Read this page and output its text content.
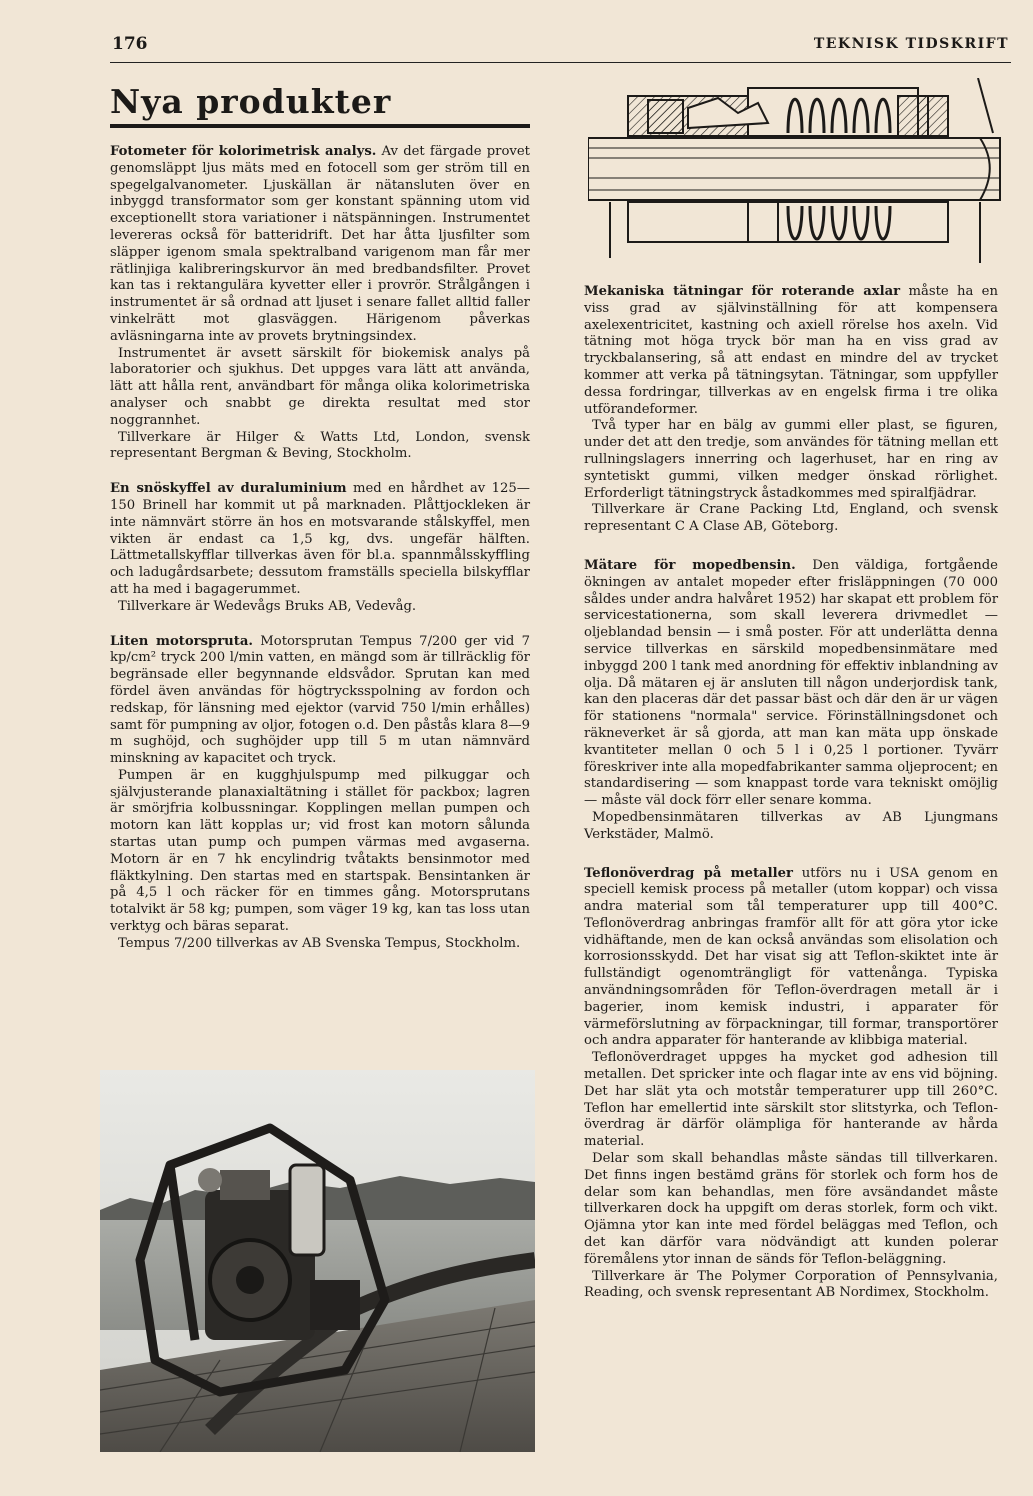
176	TEKNISK TIDSKRIFT
Nya produkter

Fotometer för kolorimetrisk analys. Av det färgade provet genomsläppt ljus mäts med en fotocell som ger ström till en spegelgalvanometer. Ljuskällan är nätansluten över en inbyggd transformator som ger konstant spänning utom vid exceptionellt stora variationer i nätspänningen. Instrumentet levereras också för batteridrift. Det har åtta ljusfilter som släpper igenom smala spektralband varigenom man får mer rätlinjiga kalibreringskurvor än med bredbandsfilter. Provet kan tas i rektangulära kyvetter eller i provrör. Strålgången i instrumentet är så ordnad att ljuset i senare fallet alltid faller vinkelrätt mot glasväggen. Härigenom påverkas avläsningarna inte av provets brytningsindex.

Instrumentet är avsett särskilt för biokemisk analys på laboratorier och sjukhus. Det uppges vara lätt att använda, lätt att hålla rent, användbart för många olika kolorimetriska analyser och snabbt ge direkta resultat med stor noggrannhet.

Tillverkare är Hilger & Watts Ltd, London, svensk representant Bergman & Beving, Stockholm.

En snöskyffel av duraluminium med en hårdhet av 125—150 Brinell har kommit ut på marknaden. Plåttjockleken är inte nämnvärt större än hos en motsvarande stålskyffel, men vikten är endast ca 1,5 kg, dvs. ungefär hälften. Lättmetallskyfflar tillverkas även för bl.a. spannmålsskyffling och ladugårdsarbete; dessutom framställs speciella bilskyfflar att ha med i bagagerummet.

Tillverkare är Wedevågs Bruks AB, Vedevåg.

Liten motorspruta. Motorsprutan Tempus 7/200 ger vid 7 kp/cm² tryck 200 l/min vatten, en mängd som är tillräcklig för begränsade eller begynnande eldsvådor. Sprutan kan med fördel även användas för högtrycksspolning av fordon och redskap, för länsning med ejektor (varvid 750 l/min erhålles) samt för pumpning av oljor, fotogen o.d. Den påstås klara 8—9 m sughöjd, och sughöjder upp till 5 m utan nämnvärd minskning av kapacitet och tryck.

Pumpen är en kugghjulspump med pilkuggar och självjusterande planaxialtätning i stället för packbox; lagren är smörjfria kolbussningar. Kopplingen mellan pumpen och motorn kan lätt kopplas ur; vid frost kan motorn sålunda startas utan pump och pumpen värmas med avgaserna. Motorn är en 7 hk encylindrig tvåtakts bensinmotor med fläktkylning. Den startas med en startspak. Bensintanken är på 4,5 l och räcker för en timmes gång. Motorsprutans totalvikt är 58 kg; pumpen, som väger 19 kg, kan tas loss utan verktyg och bäras separat.

Tempus 7/200 tillverkas av AB Svenska Tempus, Stockholm.

Mekaniska tätningar för roterande axlar måste ha en viss grad av självinställning för att kompensera axelexentricitet, kastning och axiell rörelse hos axeln. Vid tätning mot höga tryck bör man ha en viss grad av tryckbalansering, så att endast en mindre del av trycket kommer att verka på tätningsytan. Tätningar, som uppfyller dessa fordringar, tillverkas av en engelsk firma i tre olika utförandeformer.

Två typer har en bälg av gummi eller plast, se figuren, under det att den tredje, som användes för tätning mellan ett rullningslagers innerring och lagerhuset, har en ring av syntetiskt gummi, vilken medger önskad rörlighet. Erforderligt tätningstryck åstadkommes med spiralfjädrar.

Tillverkare är Crane Packing Ltd, England, och svensk representant C A Clase AB, Göteborg.

Mätare för mopedbensin. Den väldiga, fortgående ökningen av antalet mopeder efter frisläppningen (70 000 såldes under andra halvåret 1952) har skapat ett problem för servicestationerna, som skall leverera drivmedlet — oljeblandad bensin — i små poster. För att underlätta denna service tillverkas en särskild mopedbensinmätare med inbyggd 200 l tank med anordning för effektiv inblandning av olja. Då mätaren ej är ansluten till någon underjordisk tank, kan den placeras där det passar bäst och där den är ur vägen för stationens "normala" service. Förinställningsdonet och räkneverket är så gjorda, att man kan mäta upp önskade kvantiteter mellan 0 och 5 l i 0,25 l portioner. Tyvärr föreskriver inte alla mopedfabrikanter samma oljeprocent; en standardisering — som knappast torde vara tekniskt omöjlig — måste väl dock förr eller senare komma.

Mopedbensinmätaren tillverkas av AB Ljungmans Verkstäder, Malmö.

Teflonöverdrag på metaller utförs nu i USA genom en speciell kemisk process på metaller (utom koppar) och vissa andra material som tål temperaturer upp till 400°C. Teflonöverdrag anbringas framför allt för att göra ytor icke vidhäftande, men de kan också användas som elisolation och korrosionsskydd. Det har visat sig att Teflon-skiktet inte är fullständigt ogenomträngligt för vattenånga. Typiska användningsområden för Teflon-överdragen metall är i bagerier, inom kemisk industri, i apparater för värmeförslutning av förpackningar, till formar, transportörer och andra apparater för hanterande av klibbiga material.

Teflonöverdraget uppges ha mycket god adhesion till metallen. Det spricker inte och flagar inte av ens vid böjning. Det har slät yta och motstår temperaturer upp till 260°C. Teflon har emellertid inte särskilt stor slitstyrka, och Teflon-överdrag är därför olämpliga för hanterande av hårda material.

Delar som skall behandlas måste sändas till tillverkaren. Det finns ingen bestämd gräns för storlek och form hos de delar som kan behandlas, men före avsändandet måste tillverkaren dock ha uppgift om deras storlek, form och vikt. Ojämna ytor kan inte med fördel beläggas med Teflon, och det kan därför vara nödvändigt att kunden polerar föremålens ytor innan de sänds för Teflon-beläggning.

Tillverkare är The Polymer Corporation of Pennsylvania, Reading, och svensk representant AB Nordimex, Stockholm.
